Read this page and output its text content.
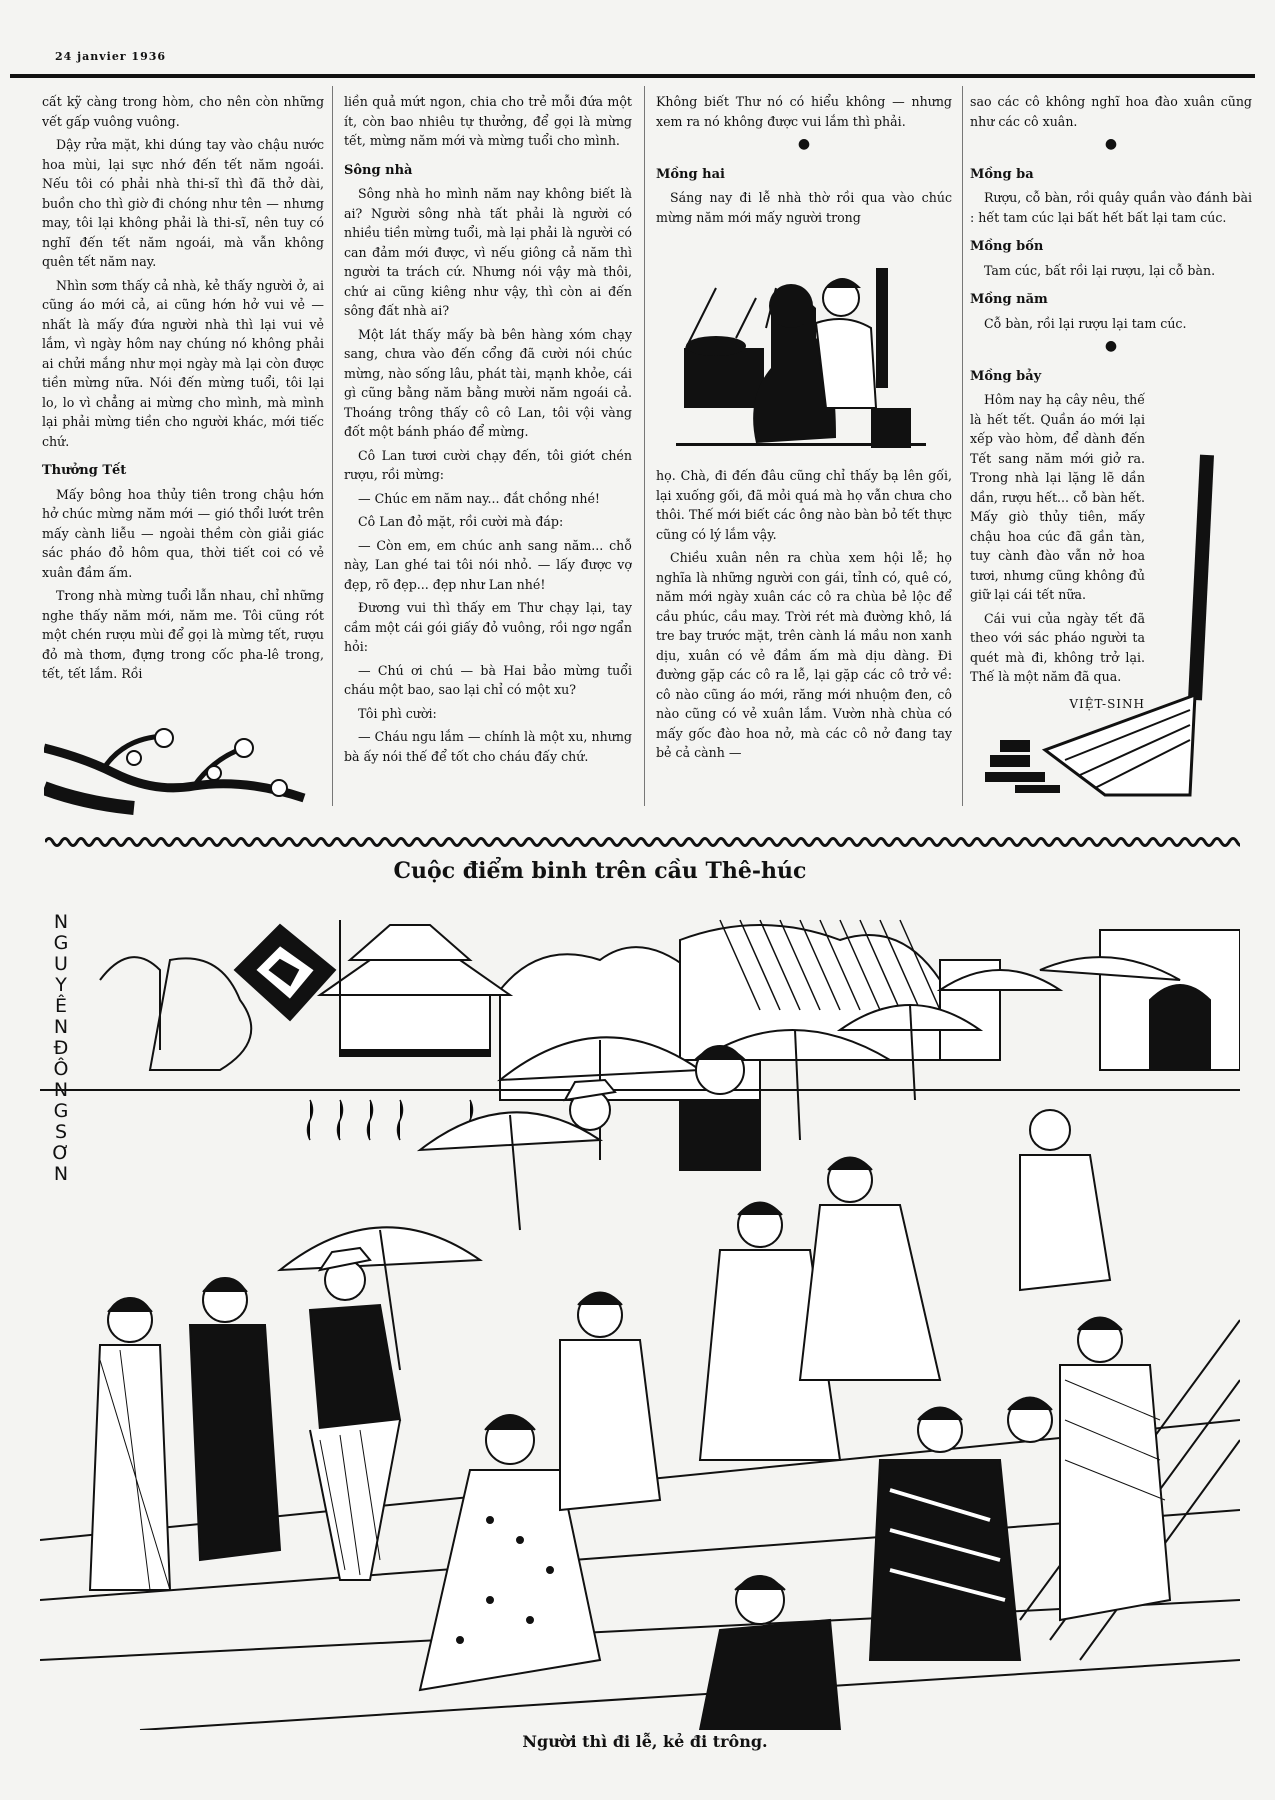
24 janvier 1936

cất kỹ càng trong hòm, cho nên còn những vết gấp vuông vuông.

Dậy rửa mặt, khi dúng tay vào chậu nước hoa mùi, lại sực nhớ đến tết năm ngoái. Nếu tôi có phải nhà thi-sĩ thì đã thở dài, buồn cho thì giờ đi chóng như tên — nhưng may, tôi lại không phải là thi-sĩ, nên tuy có nghĩ đến tết năm ngoái, mà vẫn không quên tết năm nay.

Nhìn sơm thấy cả nhà, kẻ thấy người ở, ai cũng áo mới cả, ai cũng hớn hở vui vẻ — nhất là mấy đứa người nhà thì lại vui vẻ lắm, vì ngày hôm nay chúng nó không phải ai chửi mắng như mọi ngày mà lại còn được tiền mừng nữa. Nói đến mừng tuổi, tôi lại lo, lo vì chẳng ai mừng cho mình, mà mình lại phải mừng tiền cho người khác, mới tiếc chứ.

Thưởng Tết

Mấy bông hoa thủy tiên trong chậu hớn hở chúc mừng năm mới — gió thổi lướt trên mấy cành liễu — ngoài thềm còn giải giác sác pháo đỏ hôm qua, thời tiết coi có vẻ xuân đầm ấm.

Trong nhà mừng tuổi lẫn nhau, chỉ những nghe thấy năm mới, năm me. Tôi cũng rót một chén rượu mùi để gọi là mừng tết, rượu đỏ mà thơm, đựng trong cốc pha-lê trong, tết, tết lắm. Rồi

liền quả mứt ngon, chia cho trẻ mỗi đứa một ít, còn bao nhiêu tự thưởng, để gọi là mừng tết, mừng năm mới và mừng tuổi cho mình.

Sông nhà

Sông nhà ho mình năm nay không biết là ai? Người sông nhà tất phải là người có nhiều tiền mừng tuổi, mà lại phải là người có can đảm mới được, vì nếu giông cả năm thì người ta trách cứ. Nhưng nói vậy mà thôi, chứ ai cũng kiêng như vậy, thì còn ai đến sông đất nhà ai?

Một lát thấy mấy bà bên hàng xóm chạy sang, chưa vào đến cổng đã cười nói chúc mừng, nào sống lâu, phát tài, mạnh khỏe, cái gì cũng bằng năm bằng mười năm ngoái cả. Thoáng trông thấy cô cô Lan, tôi vội vàng đốt một bánh pháo để mừng.

Cô Lan tươi cười chạy đến, tôi giớt chén rượu, rồi mừng:

— Chúc em năm nay... đắt chồng nhé!

Cô Lan đỏ mặt, rồi cười mà đáp:

— Còn em, em chúc anh sang năm... chỗ này, Lan ghé tai tôi nói nhỏ. — lấy được vợ đẹp, rõ đẹp... đẹp như Lan nhé!

Đương vui thì thấy em Thư chạy lại, tay cầm một cái gói giấy đỏ vuông, rồi ngơ ngẩn hỏi:

— Chú ơi chú — bà Hai bảo mừng tuổi cháu một bao, sao lại chỉ có một xu?

Tôi phì cười:

— Cháu ngu lắm — chính là một xu, nhưng bà ấy nói thế để tốt cho cháu đấy chứ.

Không biết Thư nó có hiểu không — nhưng xem ra nó không được vui lắm thì phải.

●
Mồng hai

Sáng nay đi lễ nhà thờ rồi qua vào chúc mừng năm mới mấy người trong

họ. Chà, đi đến đâu cũng chỉ thấy bạ lên gối, lại xuống gối, đã mỏi quá mà họ vẫn chưa cho thôi. Thế mới biết các ông nào bàn bỏ tết thực cũng có lý lắm vậy.

Chiều xuân nên ra chùa xem hội lễ; họ nghĩa là những người con gái, tỉnh có, quê có, năm mới ngày xuân các cô ra chùa bẻ lộc để cầu phúc, cầu may. Trời rét mà đường khô, lá tre bay trước mặt, trên cành lá mầu non xanh dịu, xuân có vẻ đầm ấm mà dịu dàng. Đi đường gặp các cô ra lễ, lại gặp các cô trở về: cô nào cũng áo mới, răng mới nhuộm đen, cô nào cũng có vẻ xuân lắm. Vườn nhà chùa có mấy gốc đào hoa nở, mà các cô nở đang tay bẻ cả cành —

sao các cô không nghĩ hoa đào xuân cũng như các cô xuân.

●
Mồng ba

Rượu, cỗ bàn, rồi quây quần vào đánh bài : hết tam cúc lại bất hết bất lại tam cúc.

Mồng bốn

Tam cúc, bất rồi lại rượu, lại cỗ bàn.

Mồng năm

Cỗ bàn, rồi lại rượu lại tam cúc.

●
Mồng bảy

Hôm nay hạ cây nêu, thế là hết tết. Quần áo mới lại xếp vào hòm, để dành đến Tết sang năm mới giở ra. Trong nhà lại lặng lẽ dần dần, rượu hết... cỗ bàn hết. Mấy giò thủy tiên, mấy chậu hoa cúc đã gần tàn, tuy cành đào vẫn nở hoa tươi, nhưng cũng không đủ giữ lại cái tết nữa.

Cái vui của ngày tết đã theo với sác pháo người ta quét mà đi, không trở lại. Thế là một năm đã qua.

VIỆT-SINH
Cuộc điểm binh trên cầu Thê-húc
N
G
U
Y
Ê
N
Đ
Ô
N
G
S
Ơ
N
Người thì đi lễ, kẻ đi trông.
